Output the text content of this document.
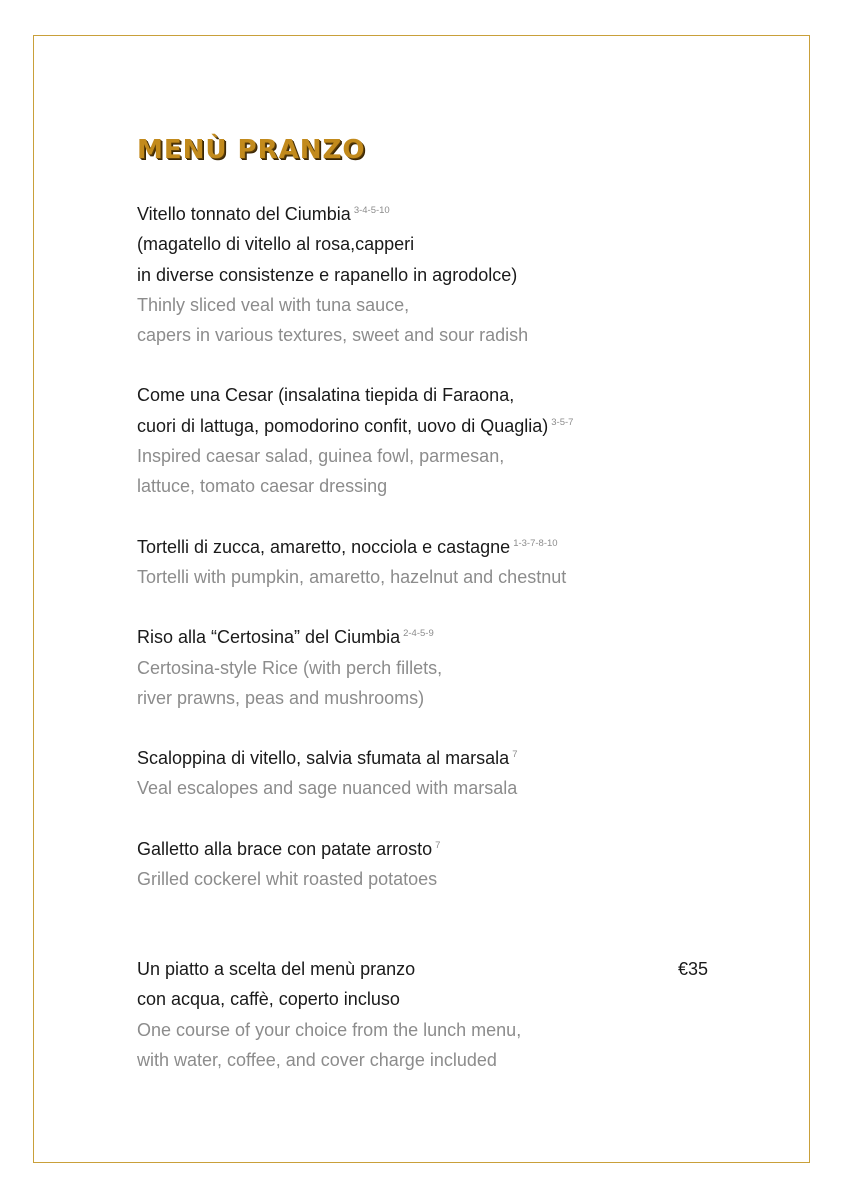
MENÙ PRANZO
Vitello tonnato del Ciumbia $^{3-4-5-10}$
(magatello di vitello al rosa,capperi
in diverse consistenze e rapanello in agrodolce)
Thinly sliced veal with tuna sauce,
capers in various textures, sweet and sour radish
Come una Cesar (insalatina tiepida di Faraona,
cuori di lattuga, pomodorino confit, uovo di Quaglia) $^{3-5-7}$
Inspired caesar salad, guinea fowl, parmesan,
lattuce, tomato caesar dressing
Tortelli di zucca, amaretto, nocciola e castagne $^{1-3-7-8-10}$
Tortelli with pumpkin, amaretto, hazelnut and chestnut
Riso alla “Certosina” del Ciumbia $^{2-4-5-9}$
Certosina-style Rice (with perch fillets,
river prawns, peas and mushrooms)
Scaloppina di vitello, salvia sfumata al marsala $^7$
Veal escalopes and sage nuanced with marsala
Galletto alla brace con patate arrosto $^7$
Grilled cockerel whit roasted potatoes
€35
Un piatto a scelta del menù pranzo
con acqua, caffè, coperto incluso
One course of your choice from the lunch menu,
with water, coffee, and cover charge included
